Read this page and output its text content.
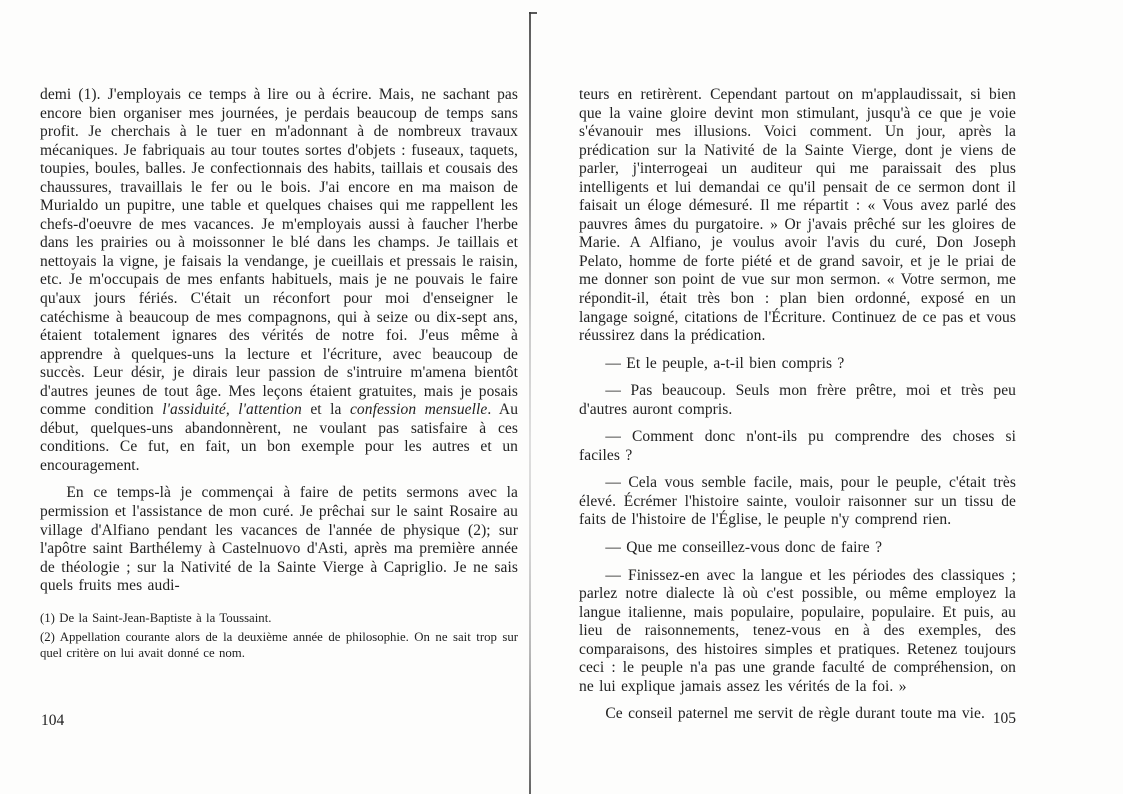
demi (1). J'employais ce temps à lire ou à écrire. Mais, ne sachant pas encore bien organiser mes journées, je perdais beaucoup de temps sans profit. Je cherchais à le tuer en m'adonnant à de nombreux travaux mécaniques. Je fabriquais au tour toutes sortes d'objets : fuseaux, taquets, toupies, boules, balles. Je confectionnais des habits, taillais et cousais des chaussures, travaillais le fer ou le bois. J'ai encore en ma maison de Murialdo un pupitre, une table et quelques chaises qui me rappellent les chefs-d'oeuvre de mes vacances. Je m'employais aussi à faucher l'herbe dans les prairies ou à moissonner le blé dans les champs. Je taillais et nettoyais la vigne, je faisais la vendange, je cueillais et pressais le raisin, etc. Je m'occupais de mes enfants habituels, mais je ne pouvais le faire qu'aux jours fériés. C'était un réconfort pour moi d'enseigner le catéchisme à beaucoup de mes compagnons, qui à seize ou dix-sept ans, étaient totalement ignares des vérités de notre foi. J'eus même à apprendre à quelques-uns la lecture et l'écriture, avec beaucoup de succès. Leur désir, je dirais leur passion de s'intruire m'amena bientôt d'autres jeunes de tout âge. Mes leçons étaient gratuites, mais je posais comme condition l'assiduité, l'attention et la confession mensuelle. Au début, quelques-uns abandonnèrent, ne voulant pas satisfaire à ces conditions. Ce fut, en fait, un bon exemple pour les autres et un encouragement.

En ce temps-là je commençai à faire de petits sermons avec la permission et l'assistance de mon curé. Je prêchai sur le saint Rosaire au village d'Alfiano pendant les vacances de l'année de physique (2); sur l'apôtre saint Barthélemy à Castelnuovo d'Asti, après ma première année de théologie ; sur la Nativité de la Sainte Vierge à Capriglio. Je ne sais quels fruits mes audi-

(1) De la Saint-Jean-Baptiste à la Toussaint.

(2) Appellation courante alors de la deuxième année de philosophie. On ne sait trop sur quel critère on lui avait donné ce nom.

104

teurs en retirèrent. Cependant partout on m'applaudissait, si bien que la vaine gloire devint mon stimulant, jusqu'à ce que je voie s'évanouir mes illusions. Voici comment. Un jour, après la prédication sur la Nativité de la Sainte Vierge, dont je viens de parler, j'interrogeai un auditeur qui me paraissait des plus intelligents et lui demandai ce qu'il pensait de ce sermon dont il faisait un éloge démesuré. Il me répartit : « Vous avez parlé des pauvres âmes du purgatoire. » Or j'avais prêché sur les gloires de Marie. A Alfiano, je voulus avoir l'avis du curé, Don Joseph Pelato, homme de forte piété et de grand savoir, et je le priai de me donner son point de vue sur mon sermon. « Votre sermon, me répondit-il, était très bon : plan bien ordonné, exposé en un langage soigné, citations de l'Écriture. Continuez de ce pas et vous réussirez dans la prédication.

— Et le peuple, a-t-il bien compris ?

— Pas beaucoup. Seuls mon frère prêtre, moi et très peu d'autres auront compris.

— Comment donc n'ont-ils pu comprendre des choses si faciles ?

— Cela vous semble facile, mais, pour le peuple, c'était très élevé. Écrémer l'histoire sainte, vouloir raisonner sur un tissu de faits de l'histoire de l'Église, le peuple n'y comprend rien.

— Que me conseillez-vous donc de faire ?

— Finissez-en avec la langue et les périodes des classiques ; parlez notre dialecte là où c'est possible, ou même employez la langue italienne, mais populaire, populaire, populaire. Et puis, au lieu de raisonnements, tenez-vous en à des exemples, des comparaisons, des histoires simples et pratiques. Retenez toujours ceci : le peuple n'a pas une grande faculté de compréhension, on ne lui explique jamais assez les vérités de la foi. »

Ce conseil paternel me servit de règle durant toute ma vie. 105
